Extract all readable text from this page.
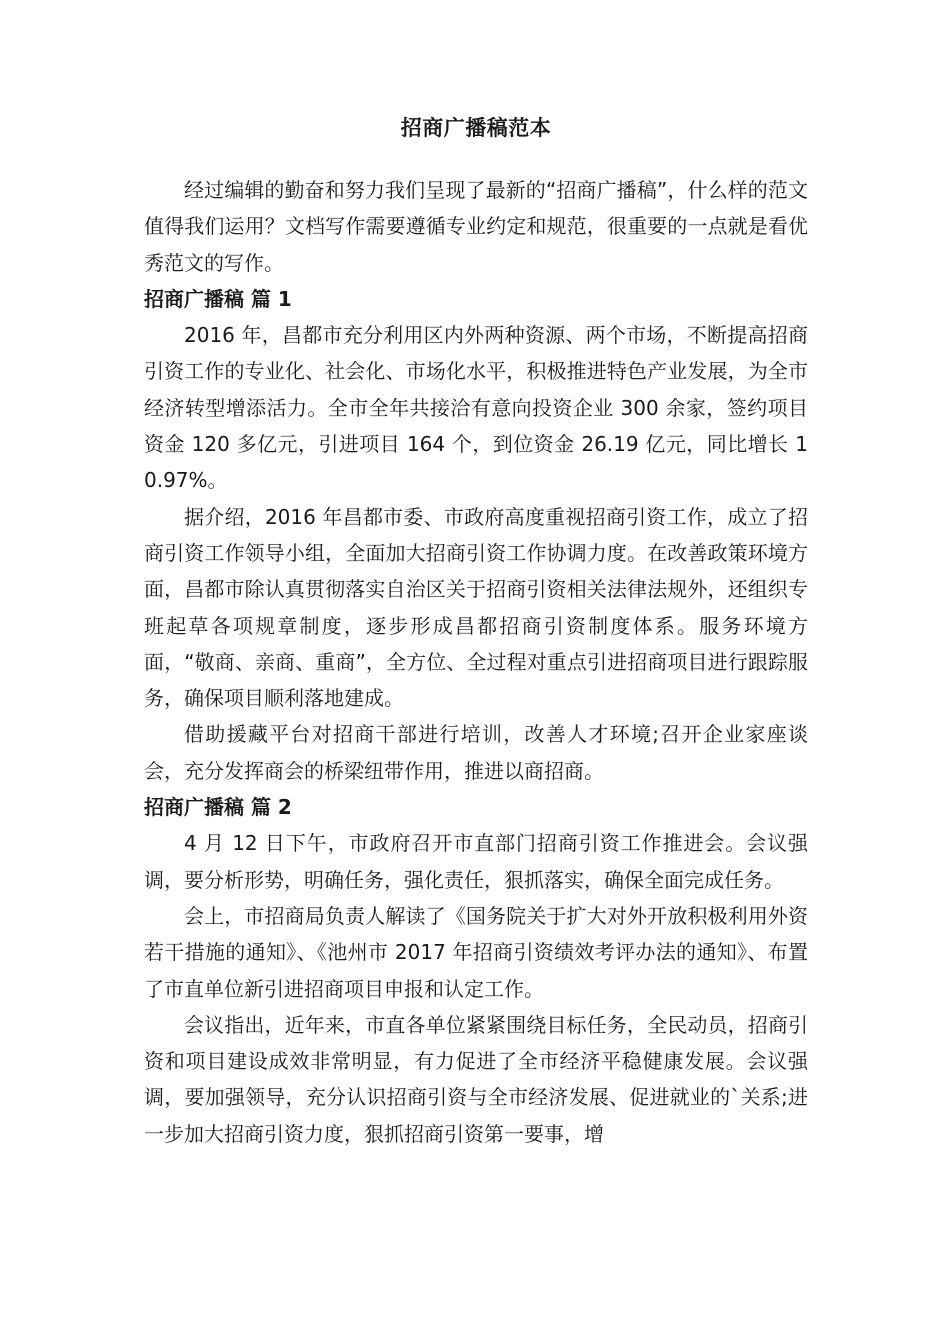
招商广播稿范本

经过编辑的勤奋和努力我们呈现了最新的“招商广播稿”，什么样的范文值得我们运用？文档写作需要遵循专业约定和规范，很重要的一点就是看优秀范文的写作。

招商广播稿 篇 1

2016 年，昌都市充分利用区内外两种资源、两个市场，不断提高招商引资工作的专业化、社会化、市场化水平，积极推进特色产业发展，为全市经济转型增添活力。全市全年共接洽有意向投资企业 300 余家，签约项目资金 120 多亿元，引进项目 164 个，到位资金 26.19 亿元，同比增长 10.97%。

据介绍，2016 年昌都市委、市政府高度重视招商引资工作，成立了招商引资工作领导小组，全面加大招商引资工作协调力度。在改善政策环境方面，昌都市除认真贯彻落实自治区关于招商引资相关法律法规外，还组织专班起草各项规章制度，逐步形成昌都招商引资制度体系。服务环境方面，“敬商、亲商、重商”，全方位、全过程对重点引进招商项目进行跟踪服务，确保项目顺利落地建成。

借助援藏平台对招商干部进行培训，改善人才环境;召开企业家座谈会，充分发挥商会的桥梁纽带作用，推进以商招商。

招商广播稿 篇 2

4 月 12 日下午，市政府召开市直部门招商引资工作推进会。会议强调，要分析形势，明确任务，强化责任，狠抓落实，确保全面完成任务。

会上，市招商局负责人解读了《国务院关于扩大对外开放积极利用外资若干措施的通知》、《池州市 2017 年招商引资绩效考评办法的通知》、布置了市直单位新引进招商项目申报和认定工作。

会议指出，近年来，市直各单位紧紧围绕目标任务，全民动员，招商引资和项目建设成效非常明显，有力促进了全市经济平稳健康发展。会议强调，要加强领导，充分认识招商引资与全市经济发展、促进就业的`关系;进一步加大招商引资力度，狠抓招商引资第一要事，增
